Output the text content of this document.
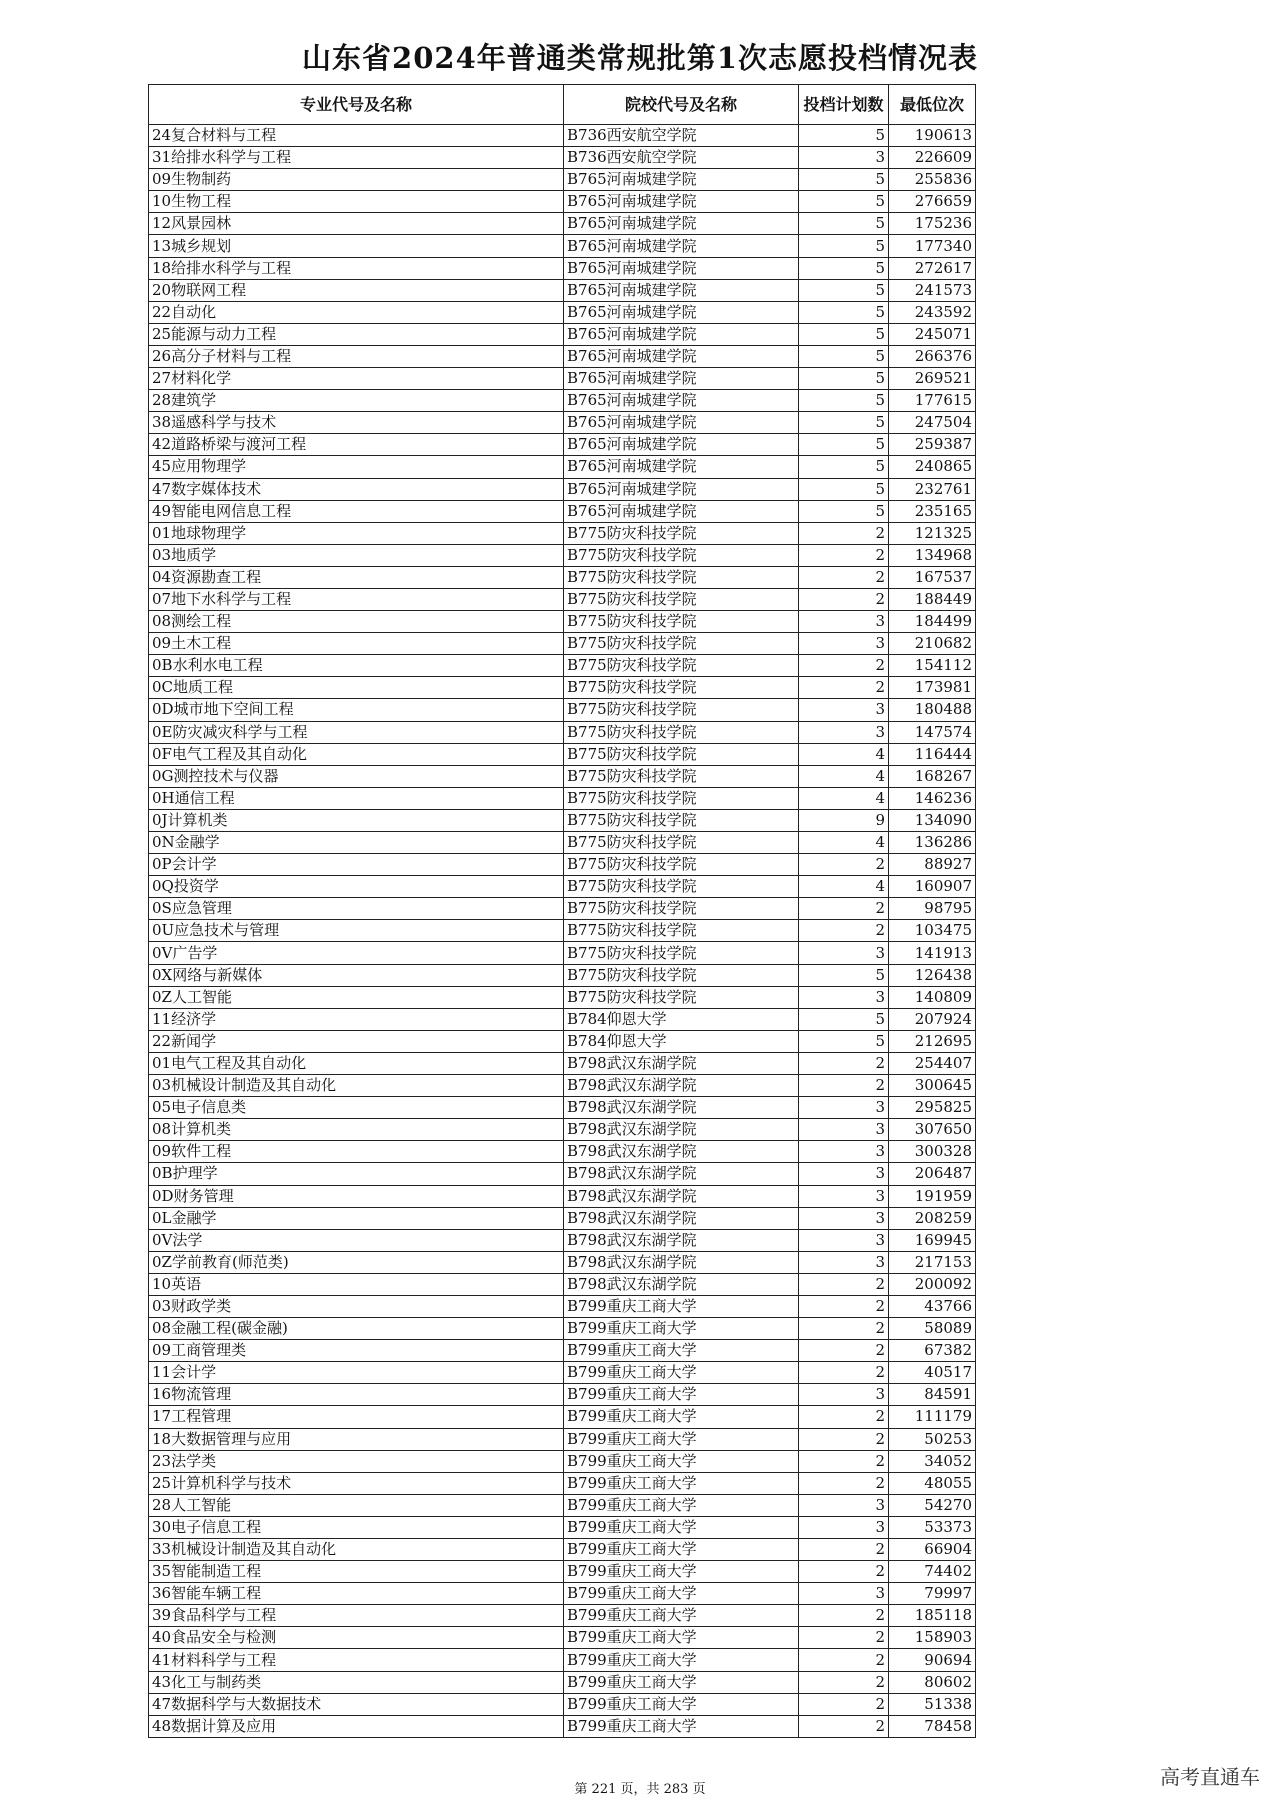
山东省2024年普通类常规批第1次志愿投档情况表
专业代号及名称	院校代号及名称	投档计划数	最低位次
24复合材料与工程	B736西安航空学院	5	190613
31给排水科学与工程	B736西安航空学院	3	226609
09生物制药	B765河南城建学院	5	255836
10生物工程	B765河南城建学院	5	276659
12风景园林	B765河南城建学院	5	175236
13城乡规划	B765河南城建学院	5	177340
18给排水科学与工程	B765河南城建学院	5	272617
20物联网工程	B765河南城建学院	5	241573
22自动化	B765河南城建学院	5	243592
25能源与动力工程	B765河南城建学院	5	245071
26高分子材料与工程	B765河南城建学院	5	266376
27材料化学	B765河南城建学院	5	269521
28建筑学	B765河南城建学院	5	177615
38遥感科学与技术	B765河南城建学院	5	247504
42道路桥梁与渡河工程	B765河南城建学院	5	259387
45应用物理学	B765河南城建学院	5	240865
47数字媒体技术	B765河南城建学院	5	232761
49智能电网信息工程	B765河南城建学院	5	235165
01地球物理学	B775防灾科技学院	2	121325
03地质学	B775防灾科技学院	2	134968
04资源勘查工程	B775防灾科技学院	2	167537
07地下水科学与工程	B775防灾科技学院	2	188449
08测绘工程	B775防灾科技学院	3	184499
09土木工程	B775防灾科技学院	3	210682
0B水利水电工程	B775防灾科技学院	2	154112
0C地质工程	B775防灾科技学院	2	173981
0D城市地下空间工程	B775防灾科技学院	3	180488
0E防灾减灾科学与工程	B775防灾科技学院	3	147574
0F电气工程及其自动化	B775防灾科技学院	4	116444
0G测控技术与仪器	B775防灾科技学院	4	168267
0H通信工程	B775防灾科技学院	4	146236
0J计算机类	B775防灾科技学院	9	134090
0N金融学	B775防灾科技学院	4	136286
0P会计学	B775防灾科技学院	2	88927
0Q投资学	B775防灾科技学院	4	160907
0S应急管理	B775防灾科技学院	2	98795
0U应急技术与管理	B775防灾科技学院	2	103475
0V广告学	B775防灾科技学院	3	141913
0X网络与新媒体	B775防灾科技学院	5	126438
0Z人工智能	B775防灾科技学院	3	140809
11经济学	B784仰恩大学	5	207924
22新闻学	B784仰恩大学	5	212695
01电气工程及其自动化	B798武汉东湖学院	2	254407
03机械设计制造及其自动化	B798武汉东湖学院	2	300645
05电子信息类	B798武汉东湖学院	3	295825
08计算机类	B798武汉东湖学院	3	307650
09软件工程	B798武汉东湖学院	3	300328
0B护理学	B798武汉东湖学院	3	206487
0D财务管理	B798武汉东湖学院	3	191959
0L金融学	B798武汉东湖学院	3	208259
0V法学	B798武汉东湖学院	3	169945
0Z学前教育(师范类)	B798武汉东湖学院	3	217153
10英语	B798武汉东湖学院	2	200092
03财政学类	B799重庆工商大学	2	43766
08金融工程(碳金融)	B799重庆工商大学	2	58089
09工商管理类	B799重庆工商大学	2	67382
11会计学	B799重庆工商大学	2	40517
16物流管理	B799重庆工商大学	3	84591
17工程管理	B799重庆工商大学	2	111179
18大数据管理与应用	B799重庆工商大学	2	50253
23法学类	B799重庆工商大学	2	34052
25计算机科学与技术	B799重庆工商大学	2	48055
28人工智能	B799重庆工商大学	3	54270
30电子信息工程	B799重庆工商大学	3	53373
33机械设计制造及其自动化	B799重庆工商大学	2	66904
35智能制造工程	B799重庆工商大学	2	74402
36智能车辆工程	B799重庆工商大学	3	79997
39食品科学与工程	B799重庆工商大学	2	185118
40食品安全与检测	B799重庆工商大学	2	158903
41材料科学与工程	B799重庆工商大学	2	90694
43化工与制药类	B799重庆工商大学	2	80602
47数据科学与大数据技术	B799重庆工商大学	2	51338
48数据计算及应用	B799重庆工商大学	2	78458
第 221 页，共 283 页
高考直通车
